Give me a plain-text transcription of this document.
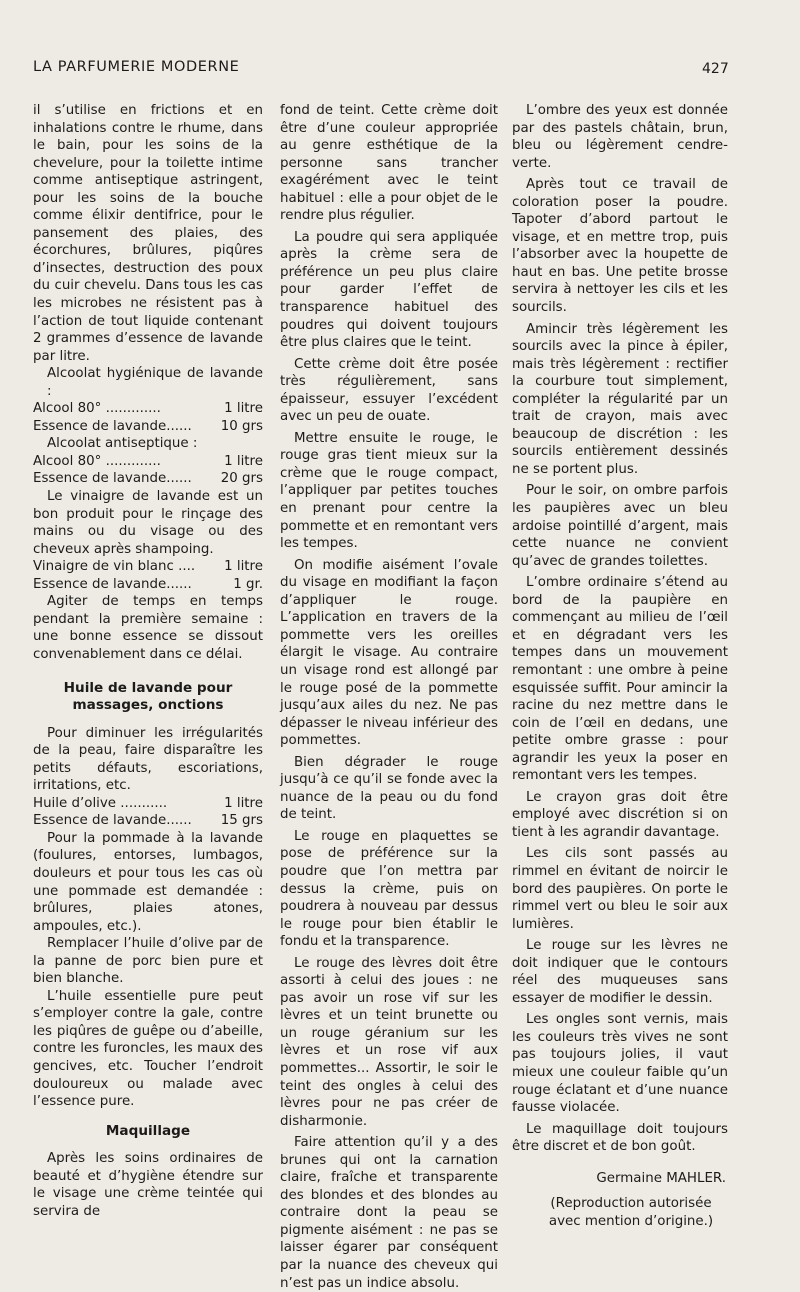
LA PARFUMERIE MODERNE	427

il s’utilise en frictions et en inhalations contre le rhume, dans le bain, pour les soins de la chevelure, pour la toilette intime comme antiseptique astringent, pour les soins de la bouche comme élixir dentifrice, pour le pansement des plaies, des écorchures, brûlures, piqûres d’insectes, destruction des poux du cuir chevelu. Dans tous les cas les microbes ne résistent pas à l’action de tout liquide contenant 2 grammes d’essence de lavande par litre.

Alcoolat hygiénique de lavande :

Alcool 80° .............	1 litre
Essence de lavande......	10 grs

Alcoolat antiseptique :

Alcool 80° .............	1 litre
Essence de lavande......	20 grs

Le vinaigre de lavande est un bon produit pour le rinçage des mains ou du visage ou des cheveux après shampoing.

Vinaigre de vin blanc ....	1 litre
Essence de lavande......	1 gr.

Agiter de temps en temps pendant la première semaine : une bonne essence se dissout convenablement dans ce délai.

Huile de lavande pour massages, onctions

Pour diminuer les irrégularités de la peau, faire disparaître les petits défauts, escoriations, irritations, etc.

Huile d’olive ...........	1 litre
Essence de lavande......	15 grs

Pour la pommade à la lavande (foulures, entorses, lumbagos, douleurs et pour tous les cas où une pommade est demandée : brûlures, plaies atones, ampoules, etc.).

Remplacer l’huile d’olive par de la panne de porc bien pure et bien blanche.

L’huile essentielle pure peut s’employer contre la gale, contre les piqûres de guêpe ou d’abeille, contre les furoncles, les maux des gencives, etc. Toucher l’endroit douloureux ou malade avec l’essence pure.

Maquillage

Après les soins ordinaires de beauté et d’hygiène étendre sur le visage une crème teintée qui servira de

fond de teint. Cette crème doit être d’une couleur appropriée au genre esthétique de la personne sans trancher exagérément avec le teint habituel : elle a pour objet de le rendre plus régulier.

La poudre qui sera appliquée après la crème sera de préférence un peu plus claire pour garder l’effet de transparence habituel des poudres qui doivent toujours être plus claires que le teint.

Cette crème doit être posée très régulièrement, sans épaisseur, essuyer l’excédent avec un peu de ouate.

Mettre ensuite le rouge, le rouge gras tient mieux sur la crème que le rouge compact, l’appliquer par petites touches en prenant pour centre la pommette et en remontant vers les tempes.

On modifie aisément l’ovale du visage en modifiant la façon d’appliquer le rouge. L’application en travers de la pommette vers les oreilles élargit le visage. Au contraire un visage rond est allongé par le rouge posé de la pommette jusqu’aux ailes du nez. Ne pas dépasser le niveau inférieur des pommettes.

Bien dégrader le rouge jusqu’à ce qu’il se fonde avec la nuance de la peau ou du fond de teint.

Le rouge en plaquettes se pose de préférence sur la poudre que l’on mettra par dessus la crème, puis on poudrera à nouveau par dessus le rouge pour bien établir le fondu et la transparence.

Le rouge des lèvres doit être assorti à celui des joues : ne pas avoir un rose vif sur les lèvres et un teint brunette ou un rouge géranium sur les lèvres et un rose vif aux pommettes... Assortir, le soir le teint des ongles à celui des lèvres pour ne pas créer de disharmonie.

Faire attention qu’il y a des brunes qui ont la carnation claire, fraîche et transparente des blondes et des blondes au contraire dont la peau se pigmente aisément : ne pas se laisser égarer par conséquent par la nuance des cheveux qui n’est pas un indice absolu.

L’ombre des yeux est donnée par des pastels châtain, brun, bleu ou légèrement cendre-verte.

Après tout ce travail de coloration poser la poudre. Tapoter d’abord partout le visage, et en mettre trop, puis l’absorber avec la houpette de haut en bas. Une petite brosse servira à nettoyer les cils et les sourcils.

Amincir très légèrement les sourcils avec la pince à épiler, mais très légèrement : rectifier la courbure tout simplement, compléter la régularité par un trait de crayon, mais avec beaucoup de discrétion : les sourcils entièrement dessinés ne se portent plus.

Pour le soir, on ombre parfois les paupières avec un bleu ardoise pointillé d’argent, mais cette nuance ne convient qu’avec de grandes toilettes.

L’ombre ordinaire s’étend au bord de la paupière en commençant au milieu de l’œil et en dégradant vers les tempes dans un mouvement remontant : une ombre à peine esquissée suffit. Pour amincir la racine du nez mettre dans le coin de l’œil en dedans, une petite ombre grasse : pour agrandir les yeux la poser en remontant vers les tempes.

Le crayon gras doit être employé avec discrétion si on tient à les agrandir davantage.

Les cils sont passés au rimmel en évitant de noircir le bord des paupières. On porte le rimmel vert ou bleu le soir aux lumières.

Le rouge sur les lèvres ne doit indiquer que le contours réel des muqueuses sans essayer de modifier le dessin.

Les ongles sont vernis, mais les couleurs très vives ne sont pas toujours jolies, il vaut mieux une couleur faible qu’un rouge éclatant et d’une nuance fausse violacée.

Le maquillage doit toujours être discret et de bon goût.

Germaine MAHLER.
(Reproduction autorisée avec mention d’origine.)
